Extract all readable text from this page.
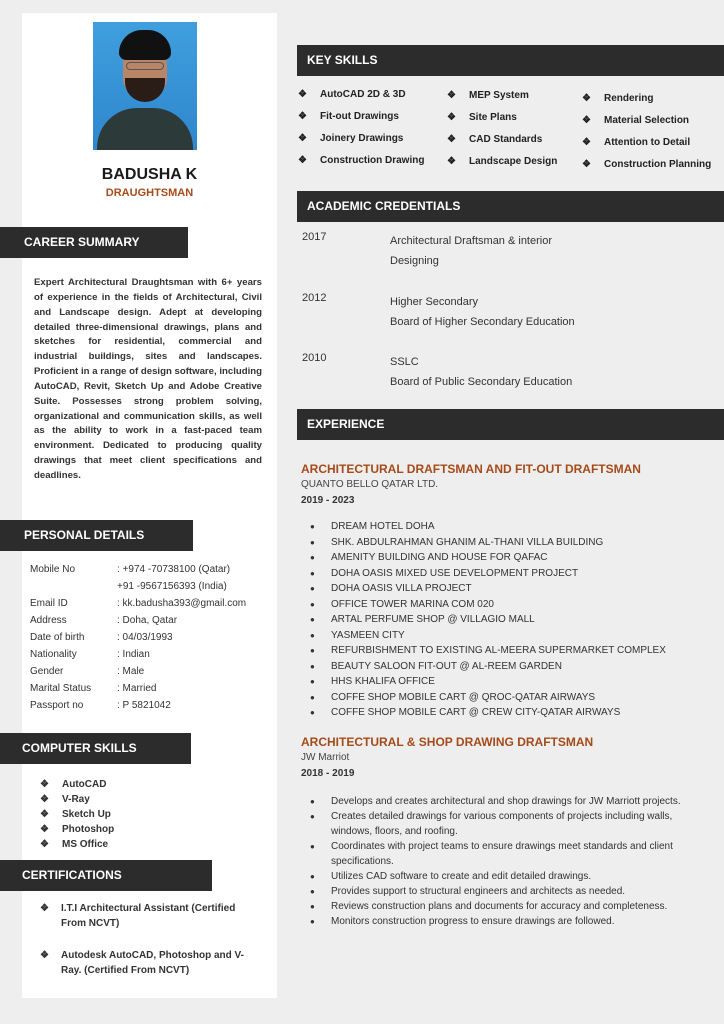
BADUSHA K
DRAUGHTSMAN
CAREER SUMMARY
Expert Architectural Draughtsman with 6+ years of experience in the fields of Architectural, Civil and Landscape design. Adept at developing detailed three-dimensional drawings, plans and sketches for residential, commercial and industrial buildings, sites and landscapes. Proficient in a range of design software, including AutoCAD, Revit, Sketch Up and Adobe Creative Suite. Possesses strong problem solving, organizational and communication skills, as well as the ability to work in a fast-paced team environment. Dedicated to producing quality drawings that meet client specifications and deadlines.
PERSONAL DETAILS
Mobile No	: +974 -70738100 (Qatar)
+91 -9567156393 (India)
Email ID	: kk.badusha393@gmail.com
Address	: Doha, Qatar
Date of birth	: 04/03/1993
Nationality	: Indian
Gender	: Male
Marital Status	: Married
Passport no	: P 5821042
COMPUTER SKILLS
❖	AutoCAD
❖	V-Ray
❖	Sketch Up
❖	Photoshop
❖	MS Office
CERTIFICATIONS
❖	I.T.I Architectural Assistant (Certified From NCVT)
❖	Autodesk AutoCAD, Photoshop and V-Ray. (Certified From NCVT)
KEY SKILLS
❖	AutoCAD 2D & 3D
❖	Fit-out Drawings
❖	Joinery Drawings
❖	Construction Drawing
❖	MEP System
❖	Site Plans
❖	CAD Standards
❖	Landscape Design
❖	Rendering
❖	Material Selection
❖	Attention to Detail
❖	Construction Planning
ACADEMIC CREDENTIALS
2017	Architectural Draftsman & interior
Designing
2012	Higher Secondary
Board of Higher Secondary Education
2010	SSLC
Board of Public Secondary Education
EXPERIENCE
ARCHITECTURAL DRAFTSMAN AND FIT-OUT DRAFTSMAN
QUANTO BELLO QATAR LTD.
2019 - 2023
●	DREAM HOTEL DOHA
●	SHK. ABDULRAHMAN GHANIM AL-THANI VILLA BUILDING
●	AMENITY BUILDING AND HOUSE FOR QAFAC
●	DOHA OASIS MIXED USE DEVELOPMENT PROJECT
●	DOHA OASIS VILLA PROJECT
●	OFFICE TOWER MARINA COM 020
●	ARTAL PERFUME SHOP @ VILLAGIO MALL
●	YASMEEN CITY
●	REFURBISHMENT TO EXISTING AL-MEERA SUPERMARKET COMPLEX
●	BEAUTY SALOON FIT-OUT @ AL-REEM GARDEN
●	HHS KHALIFA OFFICE
●	COFFE SHOP MOBILE CART @ QROC-QATAR AIRWAYS
●	COFFE SHOP MOBILE CART @ CREW CITY-QATAR AIRWAYS
ARCHITECTURAL & SHOP DRAWING DRAFTSMAN
JW Marriot
2018 - 2019
●	Develops and creates architectural and shop drawings for JW Marriott projects.
●	Creates detailed drawings for various components of projects including walls, windows, floors, and roofing.
●	Coordinates with project teams to ensure drawings meet standards and client specifications.
●	Utilizes CAD software to create and edit detailed drawings.
●	Provides support to structural engineers and architects as needed.
●	Reviews construction plans and documents for accuracy and completeness.
●	Monitors construction progress to ensure drawings are followed.
